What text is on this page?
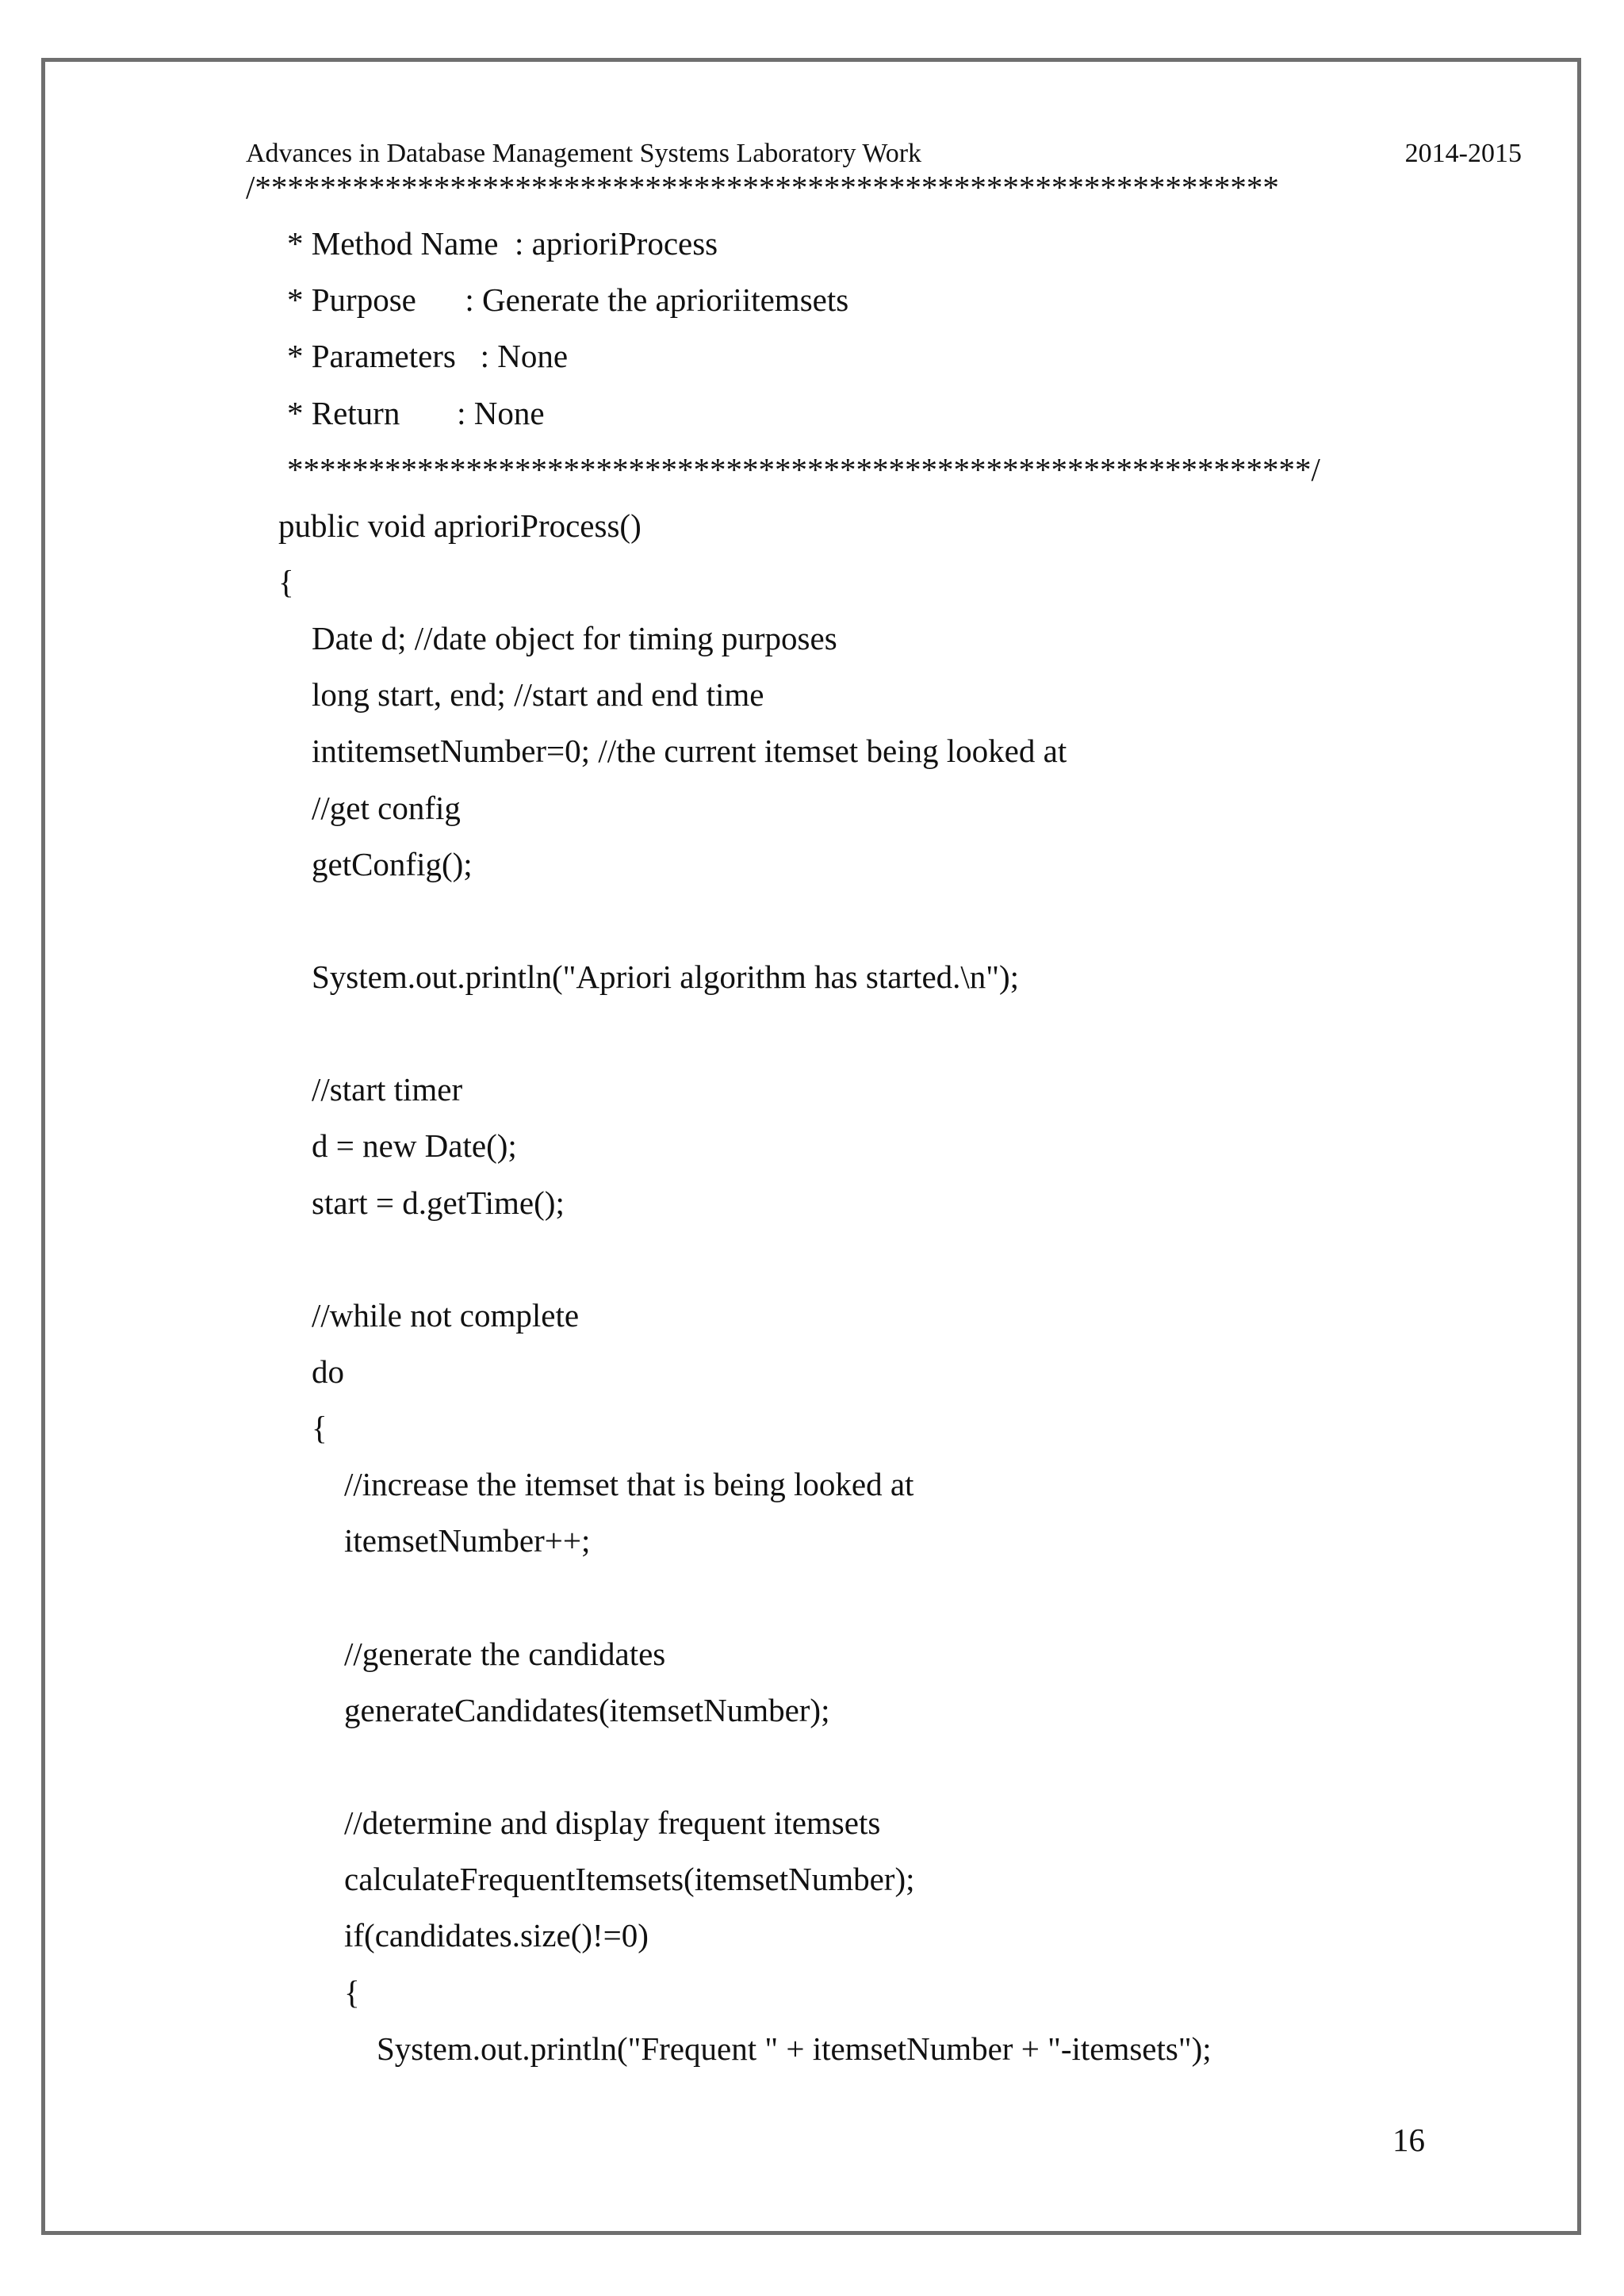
Advances in Database Management Systems Laboratory Work	2014-2015
/***************************************************************
* Method Name  : aprioriProcess
* Purpose      : Generate the aprioriitemsets
* Parameters   : None
* Return       : None
***************************************************************/
public void aprioriProcess()
{
Date d; //date object for timing purposes
long start, end; //start and end time
intitemsetNumber=0; //the current itemset being looked at
//get config
getConfig();
System.out.println("Apriori algorithm has started.\n");
//start timer
d = new Date();
start = d.getTime();
//while not complete
do
{
//increase the itemset that is being looked at
itemsetNumber++;
//generate the candidates
generateCandidates(itemsetNumber);
//determine and display frequent itemsets
calculateFrequentItemsets(itemsetNumber);
if(candidates.size()!=0)
{
System.out.println("Frequent " + itemsetNumber + "-itemsets");
16
